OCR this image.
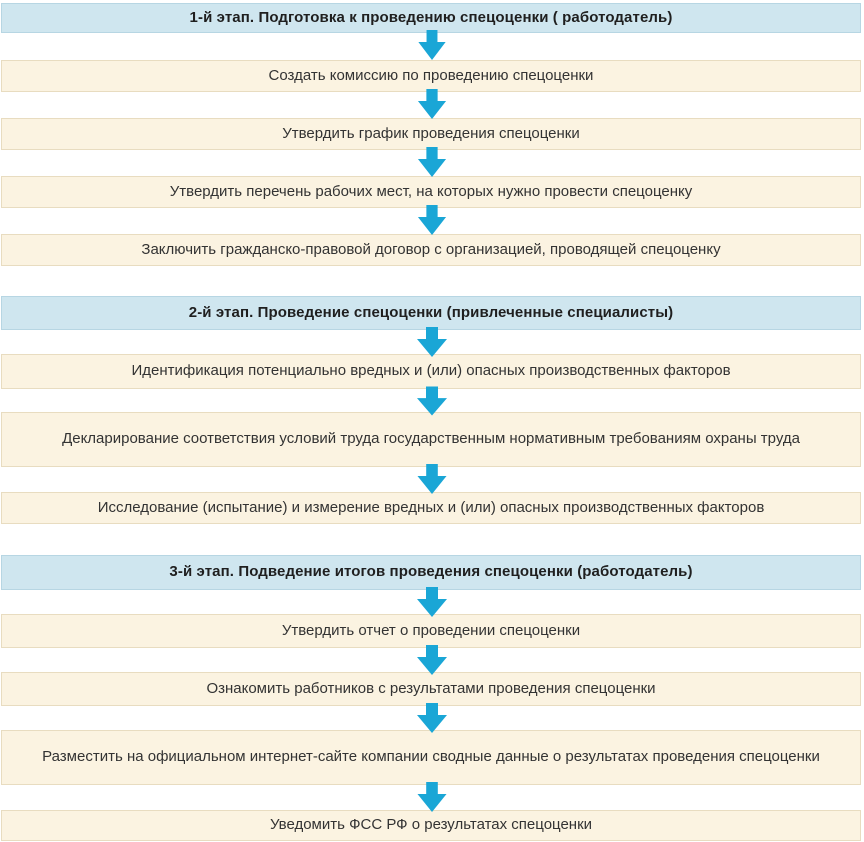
1-й этап. Подготовка к проведению спецоценки ( работодатель)
Создать комиссию по проведению спецоценки
Утвердить график проведения спецоценки
Утвердить перечень рабочих мест, на которых нужно провести спецоценку
Заключить гражданско-правовой договор с организацией, проводящей спецоценку
2-й этап. Проведение спецоценки (привлеченные специалисты)
Идентификация потенциально вредных и (или) опасных производственных факторов
Декларирование соответствия условий труда государственным нормативным требованиям охраны труда
Исследование (испытание) и измерение вредных и (или) опасных производственных факторов
3-й этап. Подведение итогов проведения спецоценки (работодатель)
Утвердить отчет о проведении спецоценки
Ознакомить работников с результатами проведения спецоценки
Разместить на официальном интернет-сайте компании сводные данные о результатах проведения спецоценки
Уведомить ФСС РФ о результатах спецоценки
